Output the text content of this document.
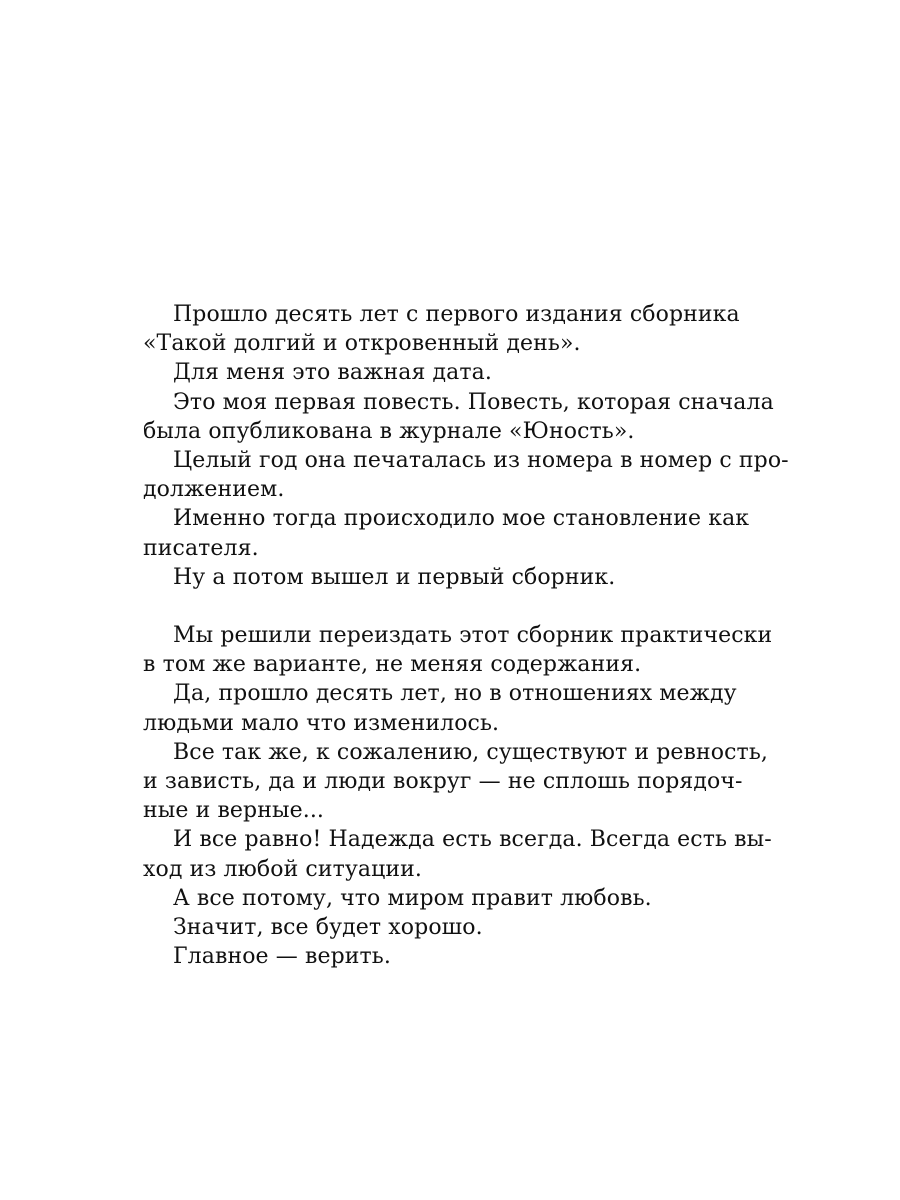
Прошло десять лет с первого издания сборника
«Такой долгий и откровенный день».
Для меня это важная дата.
Это моя первая повесть. Повесть, которая сначала
была опубликована в журнале «Юность».
Целый год она печаталась из номера в номер с про-
должением.
Именно тогда происходило мое становление как
писателя.
Ну а потом вышел и первый сборник.
Мы решили переиздать этот сборник практически
в том же варианте, не меняя содержания.
Да, прошло десять лет, но в отношениях между
людьми мало что изменилось.
Все так же, к сожалению, существуют и ревность,
и зависть, да и люди вокруг — не сплошь порядоч-
ные и верные...
И все равно! Надежда есть всегда. Всегда есть вы-
ход из любой ситуации.
А все потому, что миром правит любовь.
Значит, все будет хорошо.
Главное — верить.
